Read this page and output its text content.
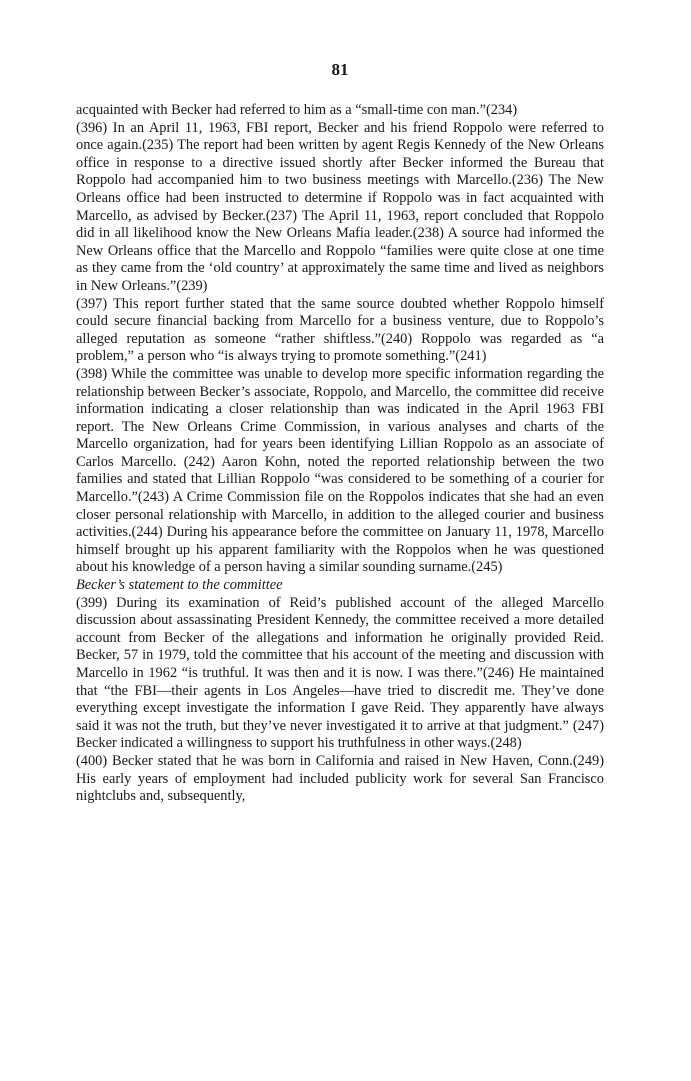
81

acquainted with Becker had referred to him as a “small-time con man.”(234)

(396) In an April 11, 1963, FBI report, Becker and his friend Roppolo were referred to once again.(235) The report had been written by agent Regis Kennedy of the New Orleans office in response to a directive issued shortly after Becker informed the Bureau that Roppolo had accompanied him to two business meetings with Marcello.(236) The New Orleans office had been instructed to determine if Roppolo was in fact acquainted with Marcello, as advised by Becker.(237) The April 11, 1963, report concluded that Roppolo did in all likelihood know the New Orleans Mafia leader.(238) A source had informed the New Orleans office that the Marcello and Roppolo “families were quite close at one time as they came from the ‘old country’ at approximately the same time and lived as neighbors in New Orleans.”(239)

(397) This report further stated that the same source doubted whether Roppolo himself could secure financial backing from Marcello for a business venture, due to Roppolo’s alleged reputation as someone “rather shiftless.”(240) Roppolo was regarded as “a problem,” a person who “is always trying to promote something.”(241)

(398) While the committee was unable to develop more specific information regarding the relationship between Becker’s associate, Roppolo, and Marcello, the committee did receive information indicating a closer relationship than was indicated in the April 1963 FBI report. The New Orleans Crime Commission, in various analyses and charts of the Marcello organization, had for years been identifying Lillian Roppolo as an associate of Carlos Marcello. (242) Aaron Kohn, noted the reported relationship between the two families and stated that Lillian Roppolo “was considered to be something of a courier for Marcello.”(243) A Crime Commission file on the Roppolos indicates that she had an even closer personal relationship with Marcello, in addition to the alleged courier and business activities.(244) During his appearance before the committee on January 11, 1978, Marcello himself brought up his apparent familiarity with the Roppolos when he was questioned about his knowledge of a person having a similar sounding surname.(245)

Becker’s statement to the committee

(399) During its examination of Reid’s published account of the alleged Marcello discussion about assassinating President Kennedy, the committee received a more detailed account from Becker of the allegations and information he originally provided Reid. Becker, 57 in 1979, told the committee that his account of the meeting and discussion with Marcello in 1962 “is truthful. It was then and it is now. I was there.”(246) He maintained that “the FBI—their agents in Los Angeles—have tried to discredit me. They’ve done everything except investigate the information I gave Reid. They apparently have always said it was not the truth, but they’ve never investigated it to arrive at that judgment.” (247) Becker indicated a willingness to support his truthfulness in other ways.(248)

(400) Becker stated that he was born in California and raised in New Haven, Conn.(249) His early years of employment had included publicity work for several San Francisco nightclubs and, subsequently,
